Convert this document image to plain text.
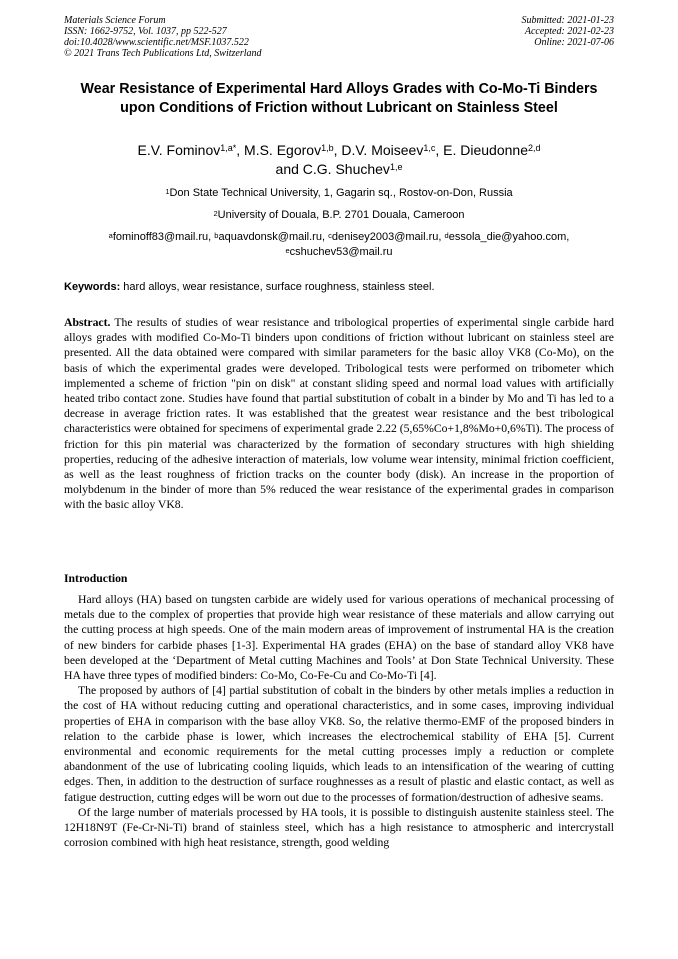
Materials Science Forum
ISSN: 1662-9752, Vol. 1037, pp 522-527
doi:10.4028/www.scientific.net/MSF.1037.522
© 2021 Trans Tech Publications Ltd, Switzerland
Submitted: 2021-01-23
Accepted: 2021-02-23
Online: 2021-07-06
Wear Resistance of Experimental Hard Alloys Grades with Co-Mo-Ti Binders upon Conditions of Friction without Lubricant on Stainless Steel
E.V. Fominov$^{1,a*}$, M.S. Egorov$^{1,b}$, D.V. Moiseev$^{1,c}$, E. Dieudonne$^{2,d}$
and C.G. Shuchev$^{1,e}$
$^1$Don State Technical University, 1, Gagarin sq., Rostov-on-Don, Russia
$^2$University of Douala, B.P. 2701 Douala, Cameroon
$^a$fominoff83@mail.ru, $^b$aquavdonsk@mail.ru, $^c$denisey2003@mail.ru, $^d$essola_die@yahoo.com,
$^e$cshuchev53@mail.ru
Keywords: hard alloys, wear resistance, surface roughness, stainless steel.
Abstract. The results of studies of wear resistance and tribological properties of experimental single carbide hard alloys grades with modified Co-Mo-Ti binders upon conditions of friction without lubricant on stainless steel are presented. All the data obtained were compared with similar parameters for the basic alloy VK8 (Co-Mo), on the basis of which the experimental grades were developed. Tribological tests were performed on tribometer which implemented a scheme of friction "pin on disk" at constant sliding speed and normal load values with artificially heated tribo contact zone. Studies have found that partial substitution of cobalt in a binder by Mo and Ti has led to a decrease in average friction rates. It was established that the greatest wear resistance and the best tribological characteristics were obtained for specimens of experimental grade 2.22 (5,65%Co+1,8%Mo+0,6%Ti). The process of friction for this pin material was characterized by the formation of secondary structures with high shielding properties, reducing of the adhesive interaction of materials, low volume wear intensity, minimal friction coefficient, as well as the least roughness of friction tracks on the counter body (disk). An increase in the proportion of molybdenum in the binder of more than 5% reduced the wear resistance of the experimental grades in comparison with the basic alloy VK8.
Introduction

Hard alloys (HA) based on tungsten carbide are widely used for various operations of mechanical processing of metals due to the complex of properties that provide high wear resistance of these materials and allow carrying out the cutting process at high speeds. One of the main modern areas of improvement of instrumental HA is the creation of new binders for carbide phases [1-3]. Experimental HA grades (EHA) on the base of standard alloy VK8 have been developed at the ‘Department of Metal cutting Machines and Tools’ at Don State Technical University. These HA have three types of modified binders: Co-Mo, Co-Fe-Cu and Co-Mo-Ti [4].

The proposed by authors of [4] partial substitution of cobalt in the binders by other metals implies a reduction in the cost of HA without reducing cutting and operational characteristics, and in some cases, improving individual properties of EHA in comparison with the base alloy VK8. So, the relative thermo-EMF of the proposed binders in relation to the carbide phase is lower, which increases the electrochemical stability of EHA [5]. Current environmental and economic requirements for the metal cutting processes imply a reduction or complete abandonment of the use of lubricating cooling liquids, which leads to an intensification of the wearing of cutting edges. Then, in addition to the destruction of surface roughnesses as a result of plastic and elastic contact, as well as fatigue destruction, cutting edges will be worn out due to the processes of formation/destruction of adhesive seams.

Of the large number of materials processed by HA tools, it is possible to distinguish austenite stainless steel. The 12H18N9T (Fe-Cr-Ni-Ti) brand of stainless steel, which has a high resistance to atmospheric and intercrystall corrosion combined with high heat resistance, strength, good welding
